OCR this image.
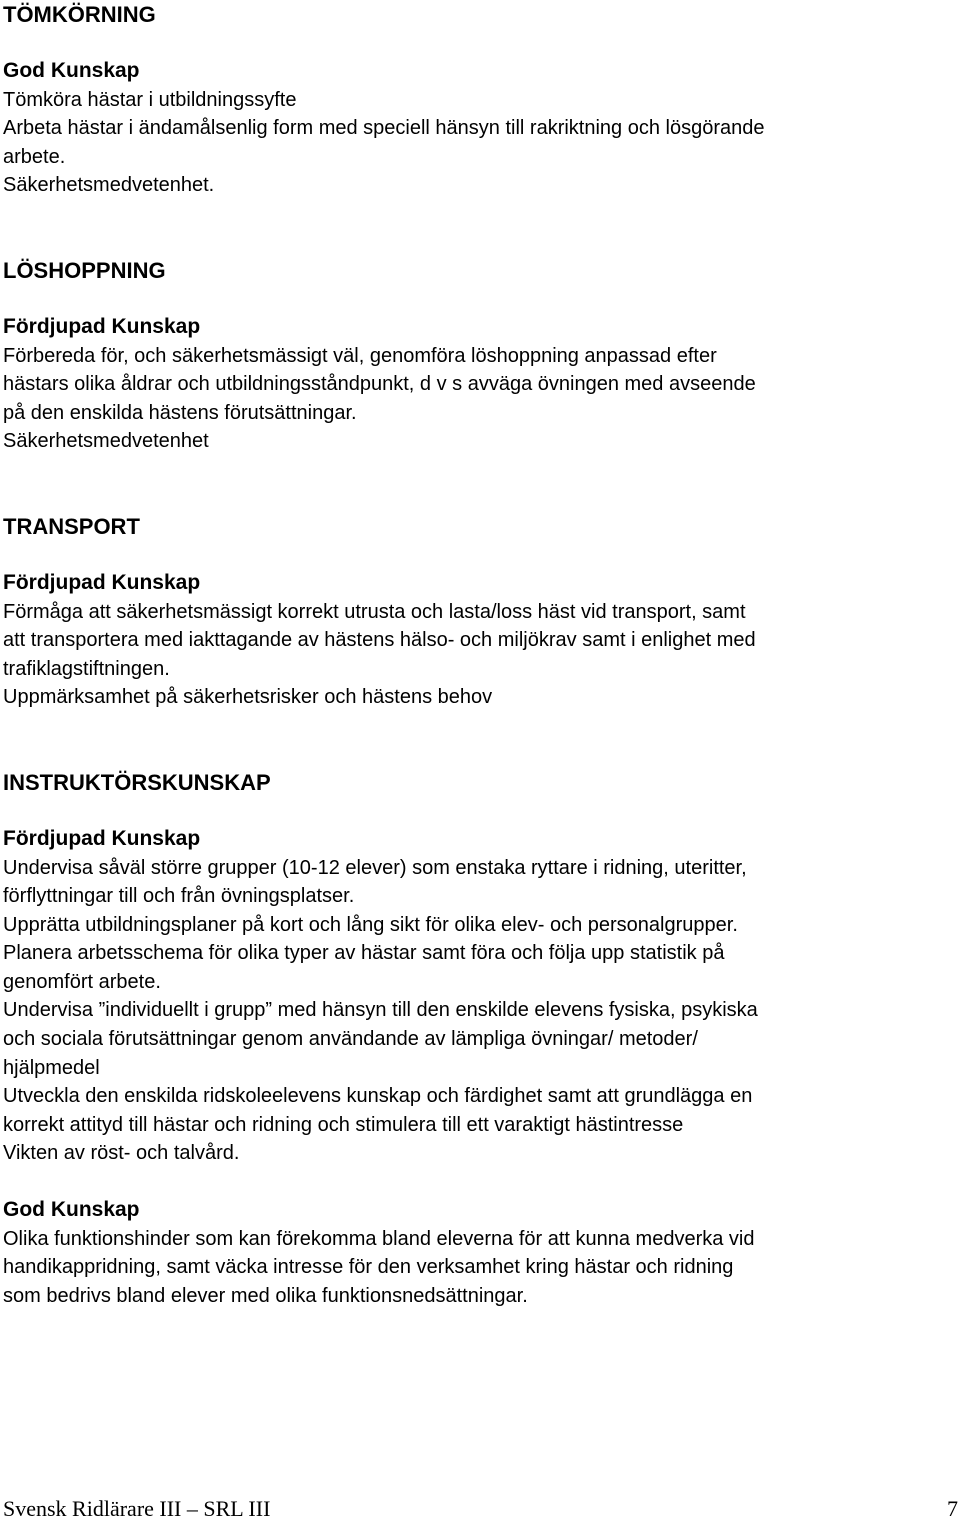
TÖMKÖRNING

God Kunskap

Tömköra hästar i utbildningssyfte

Arbeta hästar i ändamålsenlig form med speciell hänsyn till rakriktning och lösgörande

arbete.

Säkerhetsmedvetenhet.

LÖSHOPPNING

Fördjupad Kunskap

Förbereda för, och säkerhetsmässigt väl, genomföra löshoppning anpassad efter

hästars olika åldrar och utbildningsståndpunkt, d v s avväga övningen med avseende

på den enskilda hästens förutsättningar.

Säkerhetsmedvetenhet

TRANSPORT

Fördjupad Kunskap

Förmåga att säkerhetsmässigt korrekt utrusta och lasta/loss häst vid transport, samt

att transportera med iakttagande av hästens hälso- och miljökrav samt i enlighet med

trafiklagstiftningen.

Uppmärksamhet på säkerhetsrisker och hästens behov

INSTRUKTÖRSKUNSKAP

Fördjupad Kunskap

Undervisa såväl större grupper (10-12 elever) som enstaka ryttare i ridning, uteritter,

förflyttningar till och från övningsplatser.

Upprätta utbildningsplaner på kort och lång sikt för olika elev- och personalgrupper.

Planera arbetsschema för olika typer av hästar samt föra och följa upp statistik på

genomfört arbete.

Undervisa ”individuellt i grupp” med hänsyn till den enskilde elevens fysiska, psykiska

och sociala förutsättningar genom användande av lämpliga övningar/ metoder/

hjälpmedel

Utveckla den enskilda ridskoleelevens kunskap och färdighet samt att grundlägga en

korrekt attityd till hästar och ridning och stimulera till ett varaktigt hästintresse

Vikten av röst- och talvård.

God Kunskap

Olika funktionshinder som kan förekomma bland eleverna för att kunna medverka vid

handikappridning, samt väcka intresse för den verksamhet kring hästar och ridning

som bedrivs bland elever med olika funktionsnedsättningar.

Svensk Ridlärare III – SRL III	7
